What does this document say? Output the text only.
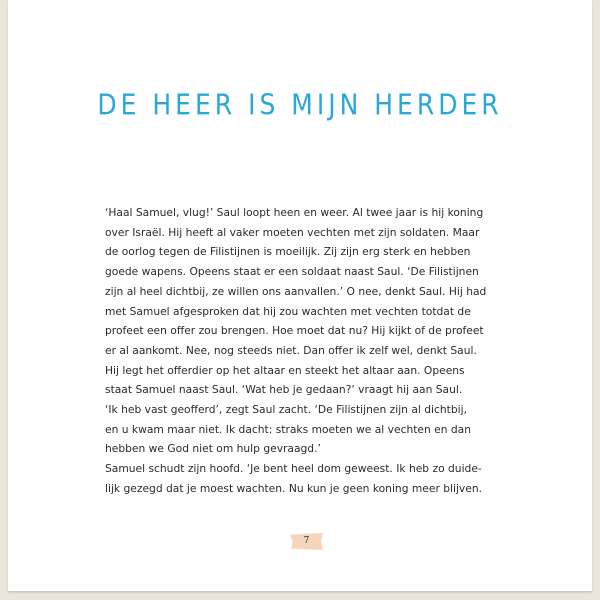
DE HEER IS MIJN HERDER
‘Haal Samuel, vlug!’ Saul loopt heen en weer. Al twee jaar is hij koning
over Israël. Hij heeft al vaker moeten vechten met zijn soldaten. Maar
de oorlog tegen de Filistijnen is moeilijk. Zij zijn erg sterk en hebben
goede wapens. Opeens staat er een soldaat naast Saul. ‘De Filistijnen
zijn al heel dichtbij, ze willen ons aanvallen.’ O nee, denkt Saul. Hij had
met Samuel afgesproken dat hij zou wachten met vechten totdat de
profeet een offer zou brengen. Hoe moet dat nu? Hij kijkt of de profeet
er al aankomt. Nee, nog steeds niet. Dan offer ik zelf wel, denkt Saul.
Hij legt het offerdier op het altaar en steekt het altaar aan. Opeens
staat Samuel naast Saul. ‘Wat heb je gedaan?’ vraagt hij aan Saul.
‘Ik heb vast geofferd’, zegt Saul zacht. ‘De Filistijnen zijn al dichtbij,
en u kwam maar niet. Ik dacht: straks moeten we al vechten en dan
hebben we God niet om hulp gevraagd.’
Samuel schudt zijn hoofd. ‘Je bent heel dom geweest. Ik heb zo duide-
lijk gezegd dat je moest wachten. Nu kun je geen koning meer blijven.
7
